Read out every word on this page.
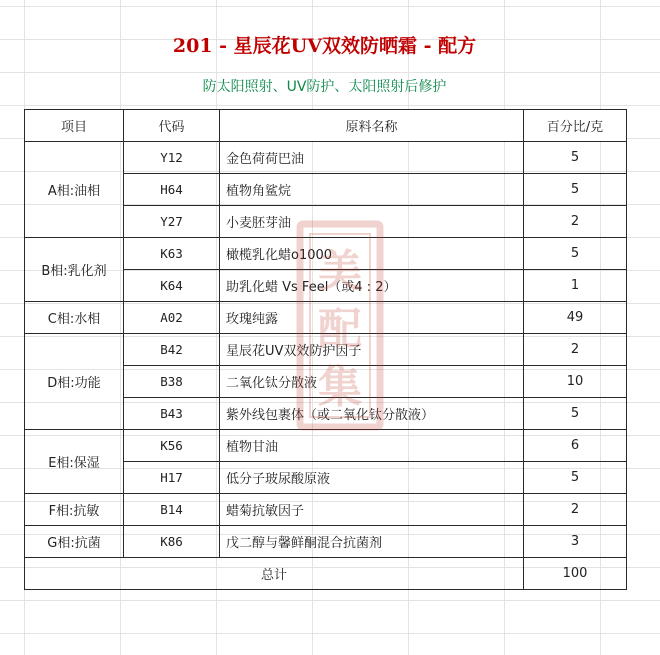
201 - 星辰花UV双效防晒霜 - 配方
防太阳照射、UV防护、太阳照射后修护
项目	代码	原料名称	百分比/克
A相:油相	Y12	金色荷荷巴油	5
	H64	植物角鲨烷	5
	Y27	小麦胚芽油	2
B相:乳化剂	K63	橄榄乳化蜡o1000	5
	K64	助乳化蜡 Vs Feel（或4 : 2）	1
C相:水相	A02	玫瑰纯露	49
D相:功能	B42	星辰花UV双效防护因子	2
	B38	二氧化钛分散液	10
	B43	紫外线包裹体（或二氧化钛分散液）	5
E相:保湿	K56	植物甘油	6
	H17	低分子玻尿酸原液	5
F相:抗敏	B14	蜡菊抗敏因子	2
G相:抗菌	K86	戊二醇与馨鲜酮混合抗菌剂	3
总计			100
美
配
集
